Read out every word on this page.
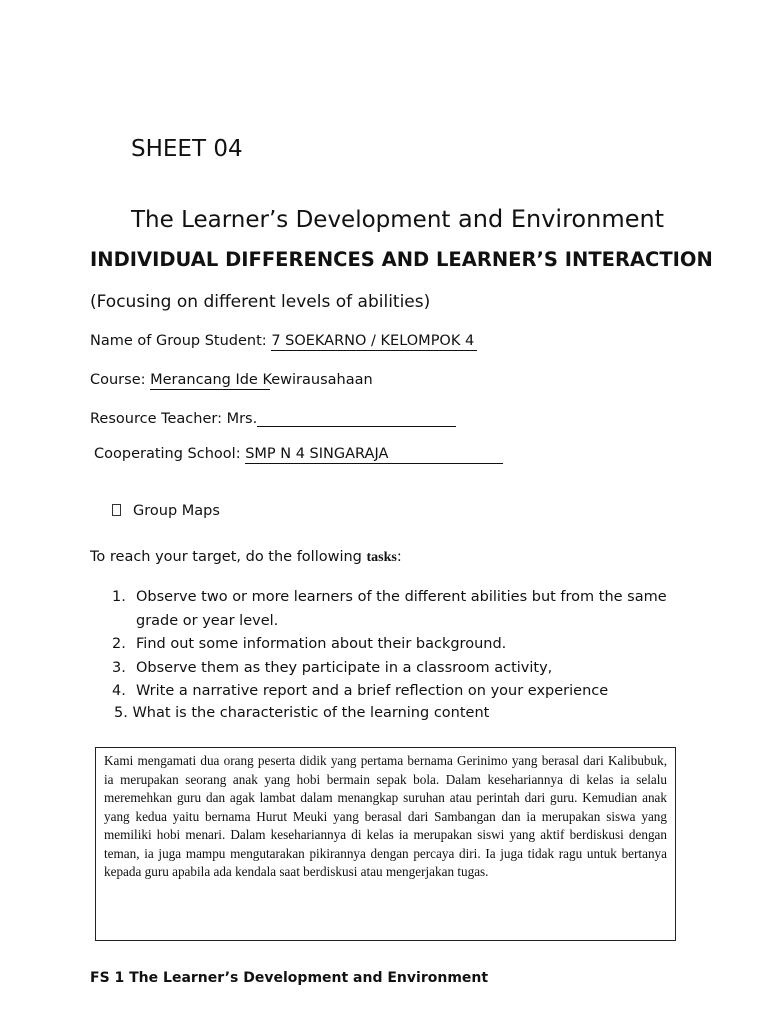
SHEET 04
The Learner’s Development and Environment
INDIVIDUAL DIFFERENCES AND LEARNER’S INTERACTION
(Focusing on different levels of abilities)
Name of Group Student: 7 SOEKARNO / KELOMPOK 4
Course: Merancang Ide Kewirausahaan
Resource Teacher: Mrs.
Cooperating School: SMP N 4 SINGARAJA
Group Maps
To reach your target, do the following tasks:
1. Observe two or more learners of the different abilities but from the same grade or year level.
2. Find out some information about their background.
3. Observe them as they participate in a classroom activity,
4. Write a narrative report and a brief reflection on your experience
5. What is the characteristic of the learning content
Kami mengamati dua orang peserta didik yang pertama bernama Gerinimo yang berasal dari Kalibubuk, ia merupakan seorang anak yang hobi bermain sepak bola. Dalam kesehariannya di kelas ia selalu meremehkan guru dan agak lambat dalam menangkap suruhan atau perintah dari guru. Kemudian anak yang kedua yaitu bernama Hurut Meuki yang berasal dari Sambangan dan ia merupakan siswa yang memiliki hobi menari. Dalam kesehariannya di kelas ia merupakan siswi yang aktif berdiskusi dengan teman, ia juga mampu mengutarakan pikirannya dengan percaya diri. Ia juga tidak ragu untuk bertanya kepada guru apabila ada kendala saat berdiskusi atau mengerjakan tugas.
FS 1 The Learner’s Development and Environment
